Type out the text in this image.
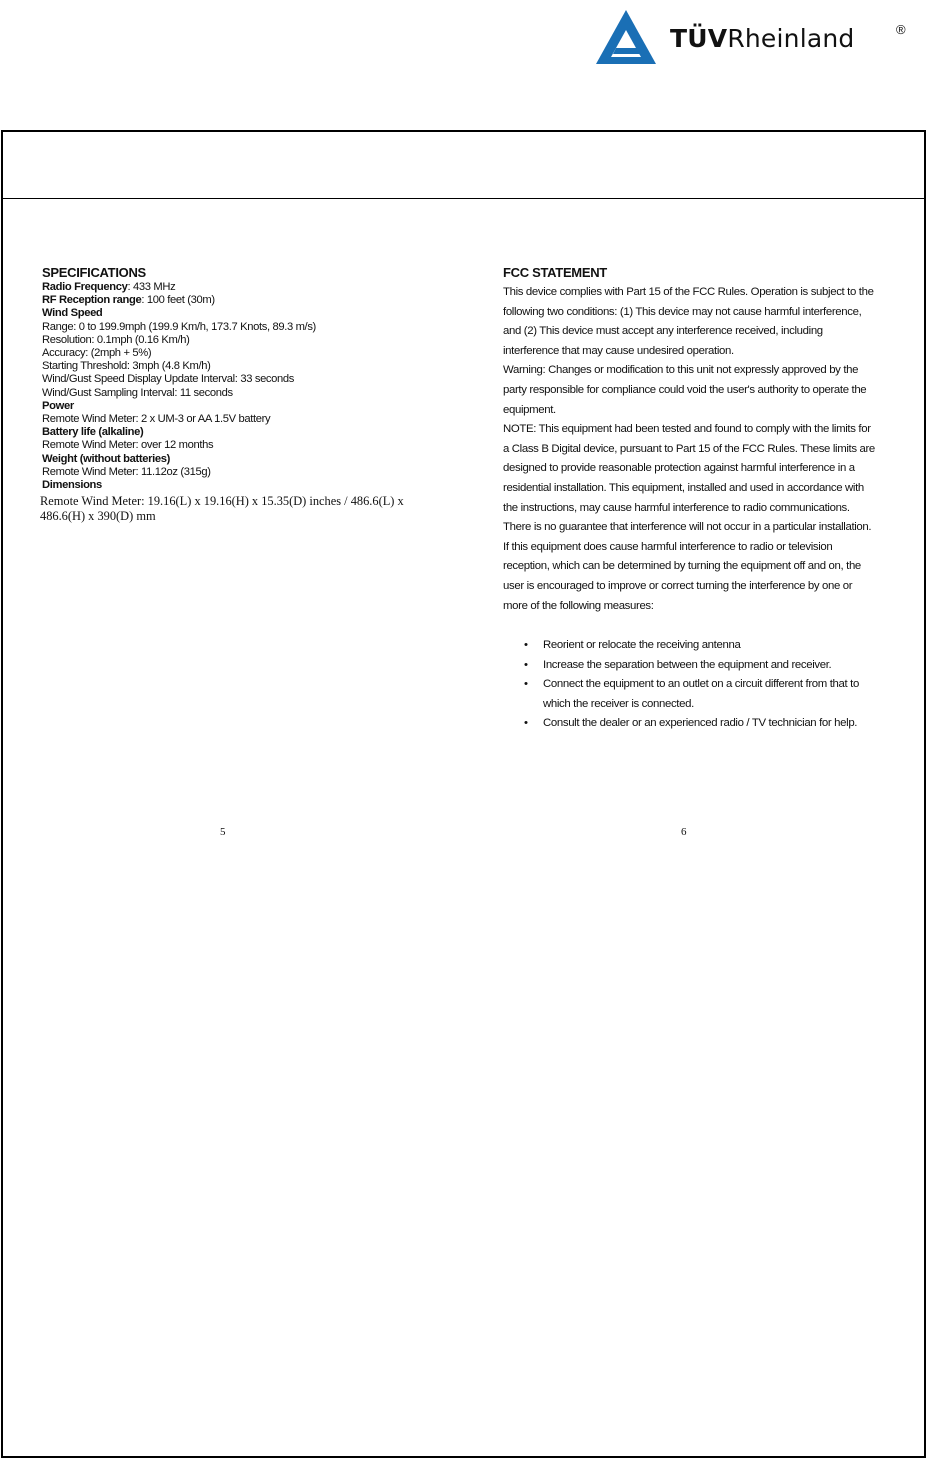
TÜVRheinland	®
SPECIFICATIONS
Radio Frequency: 433 MHz
RF Reception range: 100 feet (30m)
Wind Speed
Range: 0 to 199.9mph (199.9 Km/h, 173.7 Knots, 89.3 m/s)
Resolution: 0.1mph (0.16 Km/h)
Accuracy: (2mph + 5%)
Starting Threshold: 3mph (4.8 Km/h)
Wind/Gust Speed Display Update Interval: 33 seconds
Wind/Gust Sampling Interval: 11 seconds
Power
Remote Wind Meter: 2 x UM-3 or AA 1.5V battery
Battery life (alkaline)
Remote Wind Meter: over 12 months
Weight (without batteries)
Remote Wind Meter: 11.12oz (315g)
Dimensions
Remote Wind Meter: 19.16(L) x 19.16(H) x 15.35(D) inches / 486.6(L) x 486.6(H) x 390(D) mm
FCC STATEMENT
This device complies with Part 15 of the FCC Rules. Operation is subject to the
following two conditions: (1) This device may not cause harmful interference,
and (2) This device must accept any interference received, including
interference that may cause undesired operation.
Warning: Changes or modification to this unit not expressly approved by the
party responsible for compliance could void the user's authority to operate the
equipment.
NOTE: This equipment had been tested and found to comply with the limits for
a Class B Digital device, pursuant to Part 15 of the FCC Rules. These limits are
designed to provide reasonable protection against harmful interference in a
residential installation. This equipment, installed and used in accordance with
the instructions, may cause harmful interference to radio communications.
There is no guarantee that interference will not occur in a particular installation.
If this equipment does cause harmful interference to radio or television
reception, which can be determined by turning the equipment off and on, the
user is encouraged to improve or correct turning the interference by one or
more of the following measures:
• Reorient or relocate the receiving antenna
• Increase the separation between the equipment and receiver.
• Connect the equipment to an outlet on a circuit different from that to
which the receiver is connected.
• Consult the dealer or an experienced radio / TV technician for help.
5	6
